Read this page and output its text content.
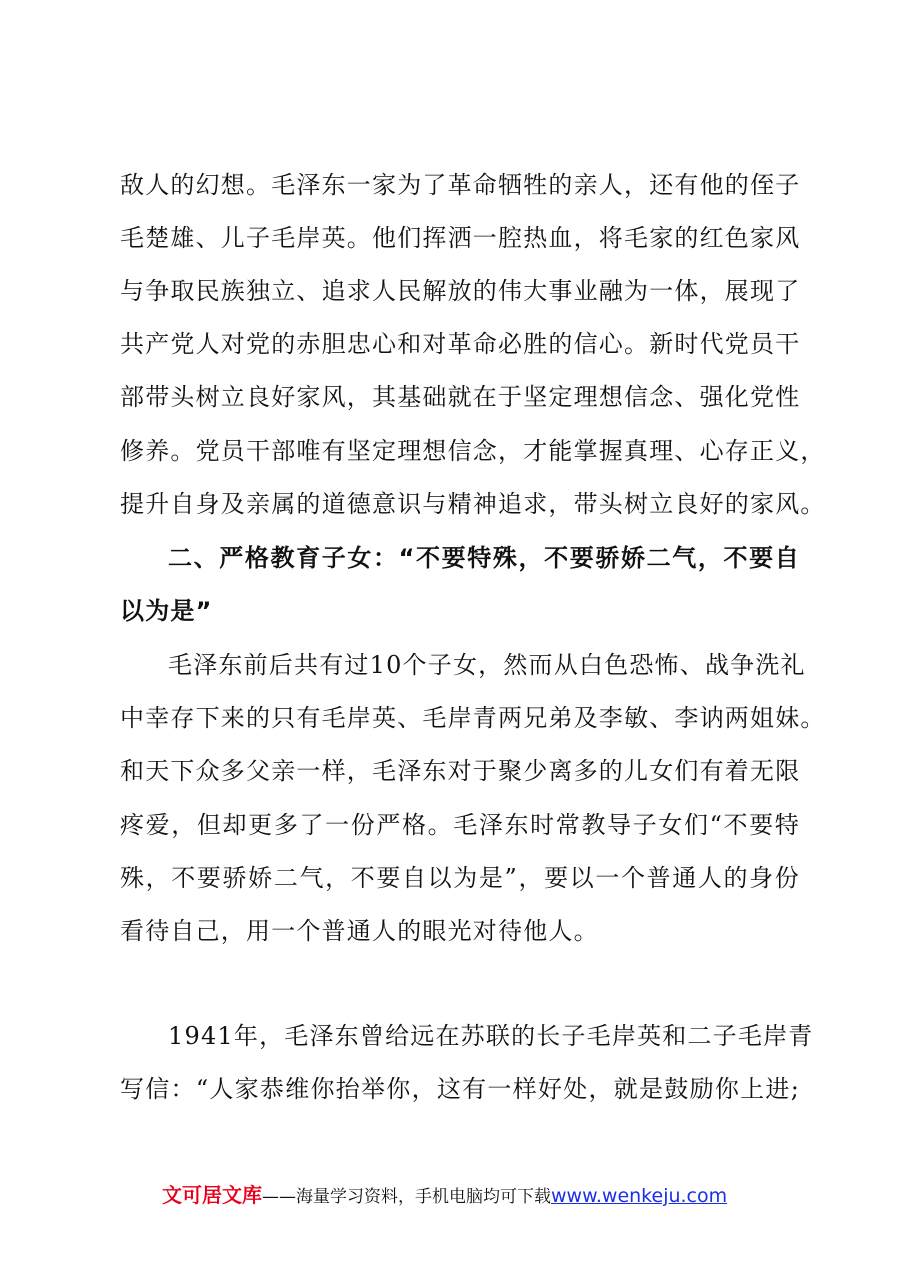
敌人的幻想。毛泽东一家为了革命牺牲的亲人，还有他的侄子
毛楚雄、儿子毛岸英。他们挥洒一腔热血，将毛家的红色家风
与争取民族独立、追求人民解放的伟大事业融为一体，展现了
共产党人对党的赤胆忠心和对革命必胜的信心。新时代党员干
部带头树立良好家风，其基础就在于坚定理想信念、强化党性
修养。党员干部唯有坚定理想信念，才能掌握真理、心存正义，
提升自身及亲属的道德意识与精神追求，带头树立良好的家风。
二、严格教育子女：“不要特殊，不要骄娇二气，不要自
以为是”
毛泽东前后共有过10个子女，然而从白色恐怖、战争洗礼
中幸存下来的只有毛岸英、毛岸青两兄弟及李敏、李讷两姐妹。
和天下众多父亲一样，毛泽东对于聚少离多的儿女们有着无限
疼爱，但却更多了一份严格。毛泽东时常教导子女们“不要特
殊，不要骄娇二气，不要自以为是”，要以一个普通人的身份
看待自己，用一个普通人的眼光对待他人。
1941年，毛泽东曾给远在苏联的长子毛岸英和二子毛岸青
写信：“人家恭维你抬举你，这有一样好处，就是鼓励你上进;
文可居文库——海量学习资料，手机电脑均可下载www.wenkeju.com
